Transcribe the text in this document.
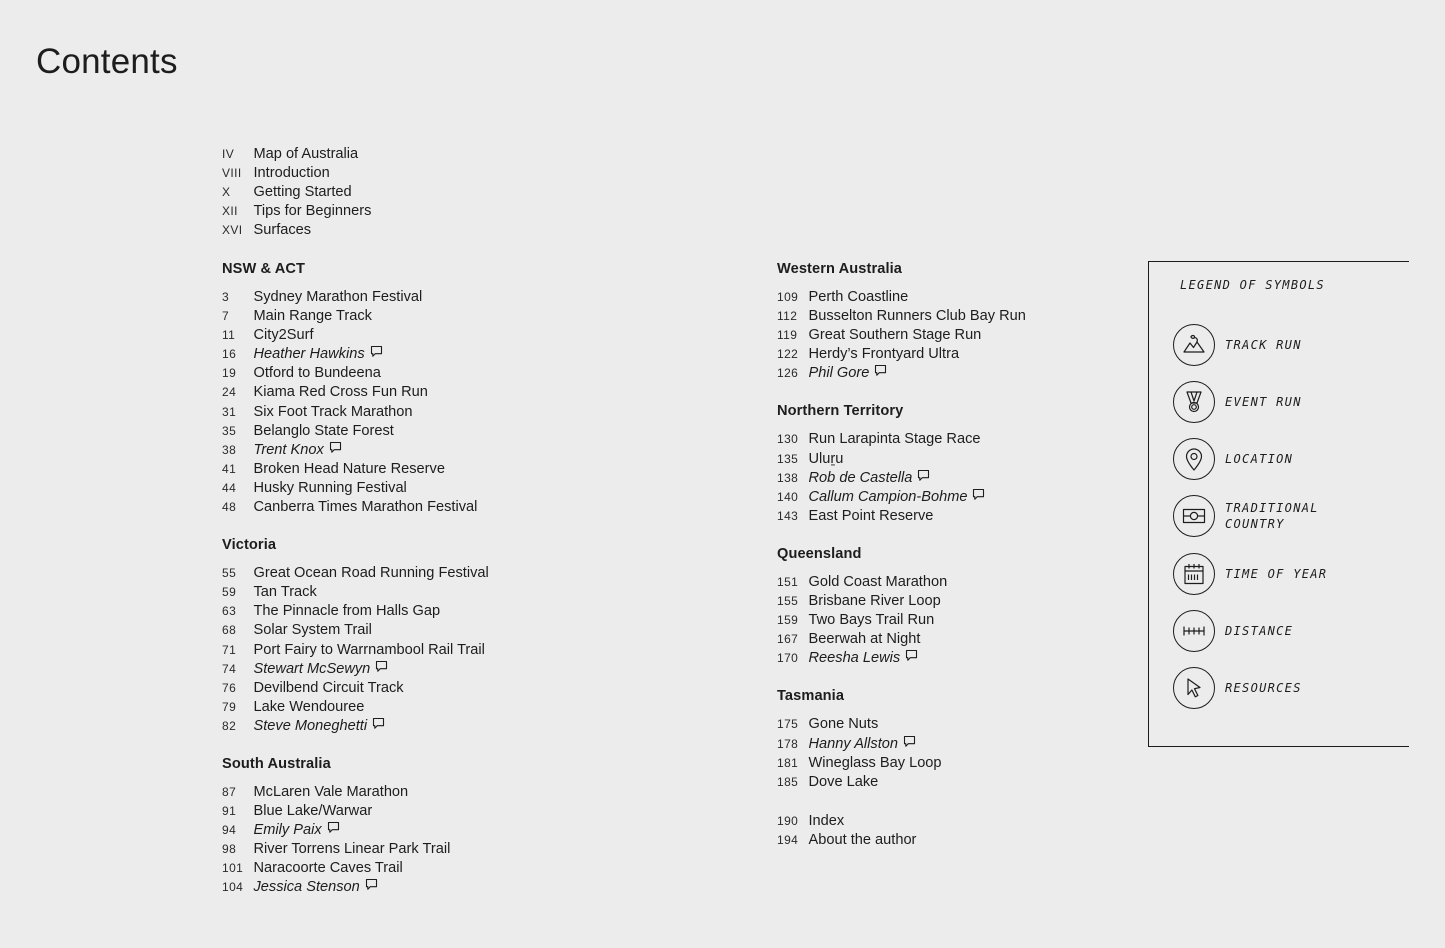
Contents
IV	Map of Australia
VIII Introduction
X	Getting Started
XII	Tips for Beginners
XVI Surfaces
NSW & ACT
3	Sydney Marathon Festival
7	Main Range Track
11	City2Surf
16	Heather Hawkins
19	Otford to Bundeena
24	Kiama Red Cross Fun Run
31	Six Foot Track Marathon
35	Belanglo State Forest
38	Trent Knox
41	Broken Head Nature Reserve
44	Husky Running Festival
48	Canberra Times Marathon Festival
Victoria
55	Great Ocean Road Running Festival
59	Tan Track
63	The Pinnacle from Halls Gap
68	Solar System Trail
71	Port Fairy to Warrnambool Rail Trail
74	Stewart McSewyn
76	Devilbend Circuit Track
79	Lake Wendouree
82	Steve Moneghetti
South Australia
87	McLaren Vale Marathon
91	Blue Lake/Warwar
94	Emily Paix
98	River Torrens Linear Park Trail
101 Naracoorte Caves Trail
104 Jessica Stenson
Western Australia
109 Perth Coastline
112 Busselton Runners Club Bay Run
119 Great Southern Stage Run
122 Herdy’s Frontyard Ultra
126 Phil Gore
Northern Territory
130 Run Larapinta Stage Race
135 Uluṟu
138 Rob de Castella
140 Callum Campion-Bohme
143 East Point Reserve
Queensland
151 Gold Coast Marathon
155 Brisbane River Loop
159 Two Bays Trail Run
167 Beerwah at Night
170 Reesha Lewis
Tasmania
175 Gone Nuts
178 Hanny Allston
181 Wineglass Bay Loop
185 Dove Lake
190 Index
194 About the author
LEGEND OF SYMBOLS
TRACK RUN
EVENT RUN
LOCATION
TRADITIONAL COUNTRY
TIME OF YEAR
DISTANCE
RESOURCES
